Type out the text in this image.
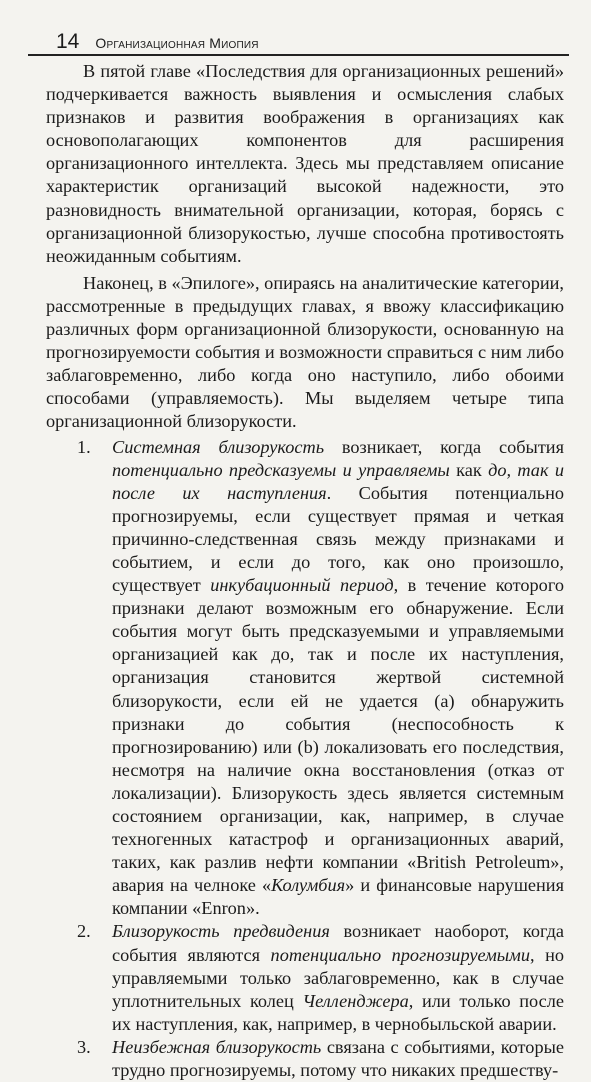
14 Организационная Миопия

В пятой главе «Последствия для организационных решений» подчеркивается важность выявления и осмысления слабых признаков и развития воображения в организациях как основополагающих компонентов для расширения организационного интеллекта. Здесь мы представляем описание характеристик организаций высокой надежности, это разновидность внимательной организации, которая, борясь с организационной близорукостью, лучше способна противостоять неожиданным событиям.

Наконец, в «Эпилоге», опираясь на аналитические категории, рассмотренные в предыдущих главах, я ввожу классификацию различных форм организационной близорукости, основанную на прогнозируемости события и возможности справиться с ним либо заблаговременно, либо когда оно наступило, либо обоими способами (управляемость). Мы выделяем четыре типа организационной близорукости.

1.	Системная близорукость возникает, когда события потенциально предсказуемы и управляемы как до, так и после их наступления. События потенциально прогнозируемы, если существует прямая и четкая причинно-следственная связь между признаками и событием, и если до того, как оно произошло, существует инкубационный период, в течение которого признаки делают возможным его обнаружение. Если события могут быть предсказуемыми и управляемыми организацией как до, так и после их наступления, организация становится жертвой системной близорукости, если ей не удается (a) обнаружить признаки до события (неспособность к прогнозированию) или (b) локализовать его последствия, несмотря на наличие окна восстановления (отказ от локализации). Близорукость здесь является системным состоянием организации, как, например, в случае техногенных катастроф и организационных аварий, таких, как разлив нефти компании «British Petroleum», авария на челноке «Колумбия» и финансовые нарушения компании «Enron».
2.	Близорукость предвидения возникает наоборот, когда события являются потенциально прогнозируемыми, но управляемыми только заблаговременно, как в случае уплотнительных колец Челленджера, или только после их наступления, как, например, в чернобыльской аварии.
3.	Неизбежная близорукость связана с событиями, которые трудно прогнозируемы, потому что никаких предшеству-
